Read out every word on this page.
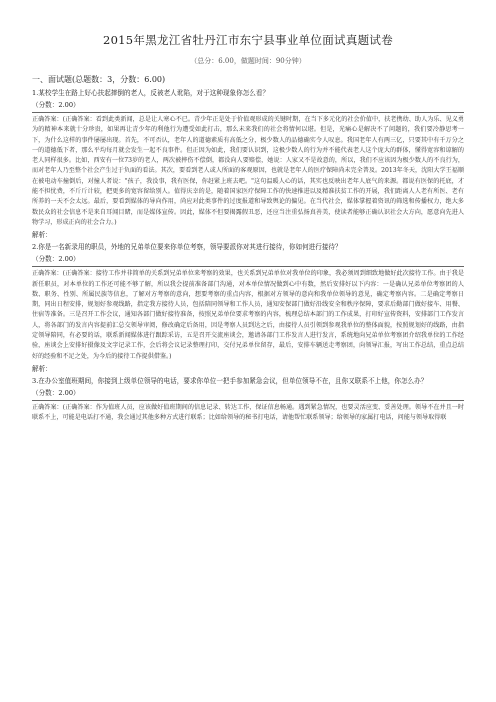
2015年黑龙江省牡丹江市东宁县事业单位面试真题试卷
（总分：6.00，做题时间：90分钟）
一、面试题(总题数：3，分数：6.00)
1.某校学生在路上好心扶起摔倒的老人，反被老人讹陷，对于这种现象你怎么看？
（分数：2.00）
正确答案：(正确答案：看到此类新闻，总是让人寒心不已。青少年正是处于价值观形成的关键时期，在当下多元化的社会价值中，扶老携幼、助人为乐、见义勇为的精神本来就十分珍贵，如果再让青少年的利他行为遭受如此打击，那么未来我们的社会将情何以堪。但是，光痛心是解决不了问题的，我们要冷静思考一下，为什么这样的事件屡屡出现。首先，不可否认，老年人的道德素质有高低之分，极少数人的品德确实令人叹息。我国老年人有两三亿，只要其中有千万分之一的道德低下者，那么平均每月就会发生一起不良事件。但正因为如此，我们要认识到，这极少数人的行为并不能代表老人这个庞大的群体，懂得宽容和谅解的老人同样很多。比如，西安有一位73岁的老人，两次被摔伤不偿倒，都没向人要赔偿，她说：人家又不是故意的，所以，我们不应该因为极少数人的不良行为，而对老年人乃至整个社会产生过于负面的看法。其次，要看到老人或人所面的客观原因，也就是老年人的医疗保障尚未完全普及。2013年冬天，沈阳大学王福顺在被电动车撞倒后，对撞人者说："孩子，我没事，我有医保，你赶紧上班去吧。"这句温暖人心的话，其实也反映出老年人底气的来源。都说有医保的托底，才能不担忧费，不斤斤计较，把更多的宽容留给别人。值得庆幸的是，随着国家医疗保障工作的快速推进以及精准扶贫工作的开展，我们距离人人老有所医、老有所养的一天不会太远。最后，要看到媒体的导向作用，尚应对此类事件的过度报道和导致舆论的偏见。在当代社会，媒体掌握着资讯的筛选和传播权力，绝大多数民众的社会信息不是来自耳闻目睹，而是媒体宣传。因此，媒体不但要揭露假丑恶，还应当注重弘扬真善美，使读者能够正确认识社会大方向，愿意向先进人物学习，形成正向的社会合力。)
解析：
2.你是一名新录用的职员，外地的兄弟单位要来你单位考察，领导要派你对其进行接待，你如何进行接待？
（分数：2.00）
正确答案：(正确答案：接待工作并非简单的关系到兄弟单位来考察的效果，也关系到兄弟单位对我单位的印象，我必须周到细致地做好此次接待工作。由于我是新任职员，对本单位的工作还可能不够了解，所以我会提前准备部门沟通，对本单位情况做到心中有数，然后安排好以下内容：一是确认兄弟单位考察团的人数、职务、性别、所属民族等信息，了解对方考察的意向，想要考察的重点内容，根据对方领导的意向和我单位领导的意见，确定考察内容。二是确定考察日期，同出日程安排，规划好参观线路，指定我方接待人员，包括陪同领导和工作人员，通知安保部门做好沿线安全和秩序保障，要求后勤部门做好接车、用餐、住宿等准备。三是召开工作会议，通知各部门做好接待准备，按照兄弟单位要求考察的内容，梳理总结本部门的工作成果，打印好宣传资料，安排部门工作发言人，将各部门的发言内容提前汇总交领导审阅，修改确定后备用，因是考察人员到达之后，由接待人员引领到参观我单位的整体面貌，按照规划好的线路，由指定领导陪同，有必要的话，联系新闻媒体进行跟踪采访，五是召开交流座谈会，邀请各部门工作发言人进行发言，系统地向兄弟单位考察团介绍我单位的工作经验，座谈会上安排好摄像及文字记录工作，会后将会议记录整理打印，交付兄弟单位留存，最后，安排车辆送走考察团，向领导汇报，写出工作总结，重点总结好的经验和不足之处，为今后的接待工作提供借鉴。)
解析：
3.在办公室值班期间，你接到上级单位领导的电话，要求你单位一把手参加紧急会议，但单位领导不在，且你又联系不上他，你怎么办？
（分数：2.00）
正确答案：(正确答案：作为值班人员，应该做好值班期间的信息记录、转达工作，保证信息畅通。遇到紧急情况，也要灵活应变、妥善处理。领导不在并且一时联系不上，可能是电话打不通，我会通过其他多种方式进行联系；比如给领导的秘书打电话，请他帮忙联系领导；给领导的家属打电话，问能与领导取得联
